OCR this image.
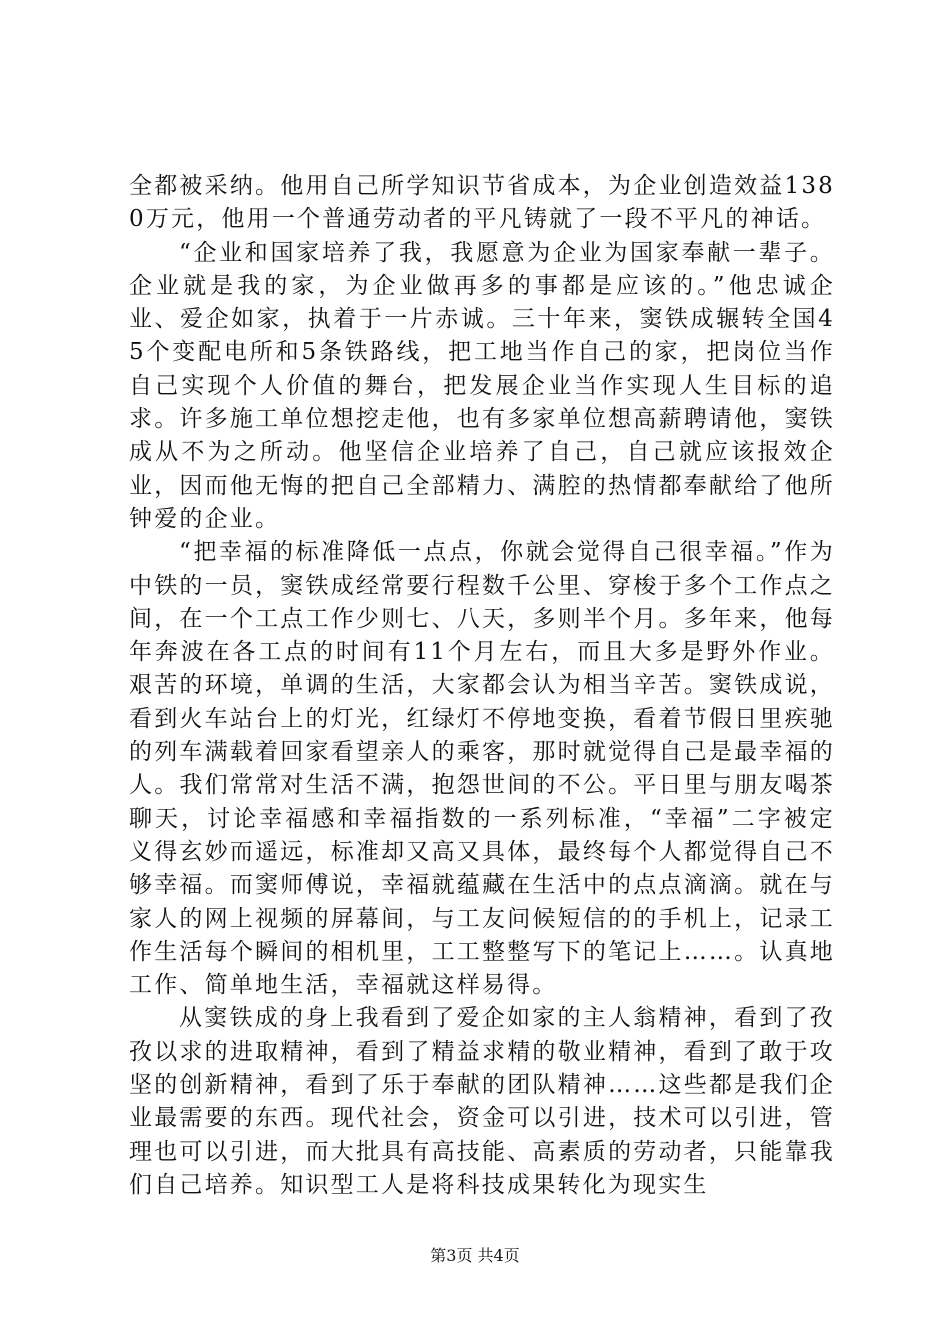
全都被采纳。他用自己所学知识节省成本，为企业创造效益1380万元，他用一个普通劳动者的平凡铸就了一段不平凡的神话。

“企业和国家培养了我，我愿意为企业为国家奉献一辈子。企业就是我的家，为企业做再多的事都是应该的。”他忠诚企业、爱企如家，执着于一片赤诚。三十年来，窦铁成辗转全国45个变配电所和5条铁路线，把工地当作自己的家，把岗位当作自己实现个人价值的舞台，把发展企业当作实现人生目标的追求。许多施工单位想挖走他，也有多家单位想高薪聘请他，窦铁成从不为之所动。他坚信企业培养了自己，自己就应该报效企业，因而他无悔的把自己全部精力、满腔的热情都奉献给了他所钟爱的企业。

“把幸福的标准降低一点点，你就会觉得自己很幸福。”作为中铁的一员，窦铁成经常要行程数千公里、穿梭于多个工作点之间，在一个工点工作少则七、八天，多则半个月。多年来，他每年奔波在各工点的时间有11个月左右，而且大多是野外作业。艰苦的环境，单调的生活，大家都会认为相当辛苦。窦铁成说，看到火车站台上的灯光，红绿灯不停地变换，看着节假日里疾驰的列车满载着回家看望亲人的乘客，那时就觉得自己是最幸福的人。我们常常对生活不满，抱怨世间的不公。平日里与朋友喝茶聊天，讨论幸福感和幸福指数的一系列标准，“幸福”二字被定义得玄妙而遥远，标准却又高又具体，最终每个人都觉得自己不够幸福。而窦师傅说，幸福就蕴藏在生活中的点点滴滴。就在与家人的网上视频的屏幕间，与工友问候短信的的手机上，记录工作生活每个瞬间的相机里，工工整整写下的笔记上……。认真地工作、简单地生活，幸福就这样易得。

从窦铁成的身上我看到了爱企如家的主人翁精神，看到了孜孜以求的进取精神，看到了精益求精的敬业精神，看到了敢于攻坚的创新精神，看到了乐于奉献的团队精神……这些都是我们企业最需要的东西。现代社会，资金可以引进，技术可以引进，管理也可以引进，而大批具有高技能、高素质的劳动者，只能靠我们自己培养。知识型工人是将科技成果转化为现实生

第3页 共4页
